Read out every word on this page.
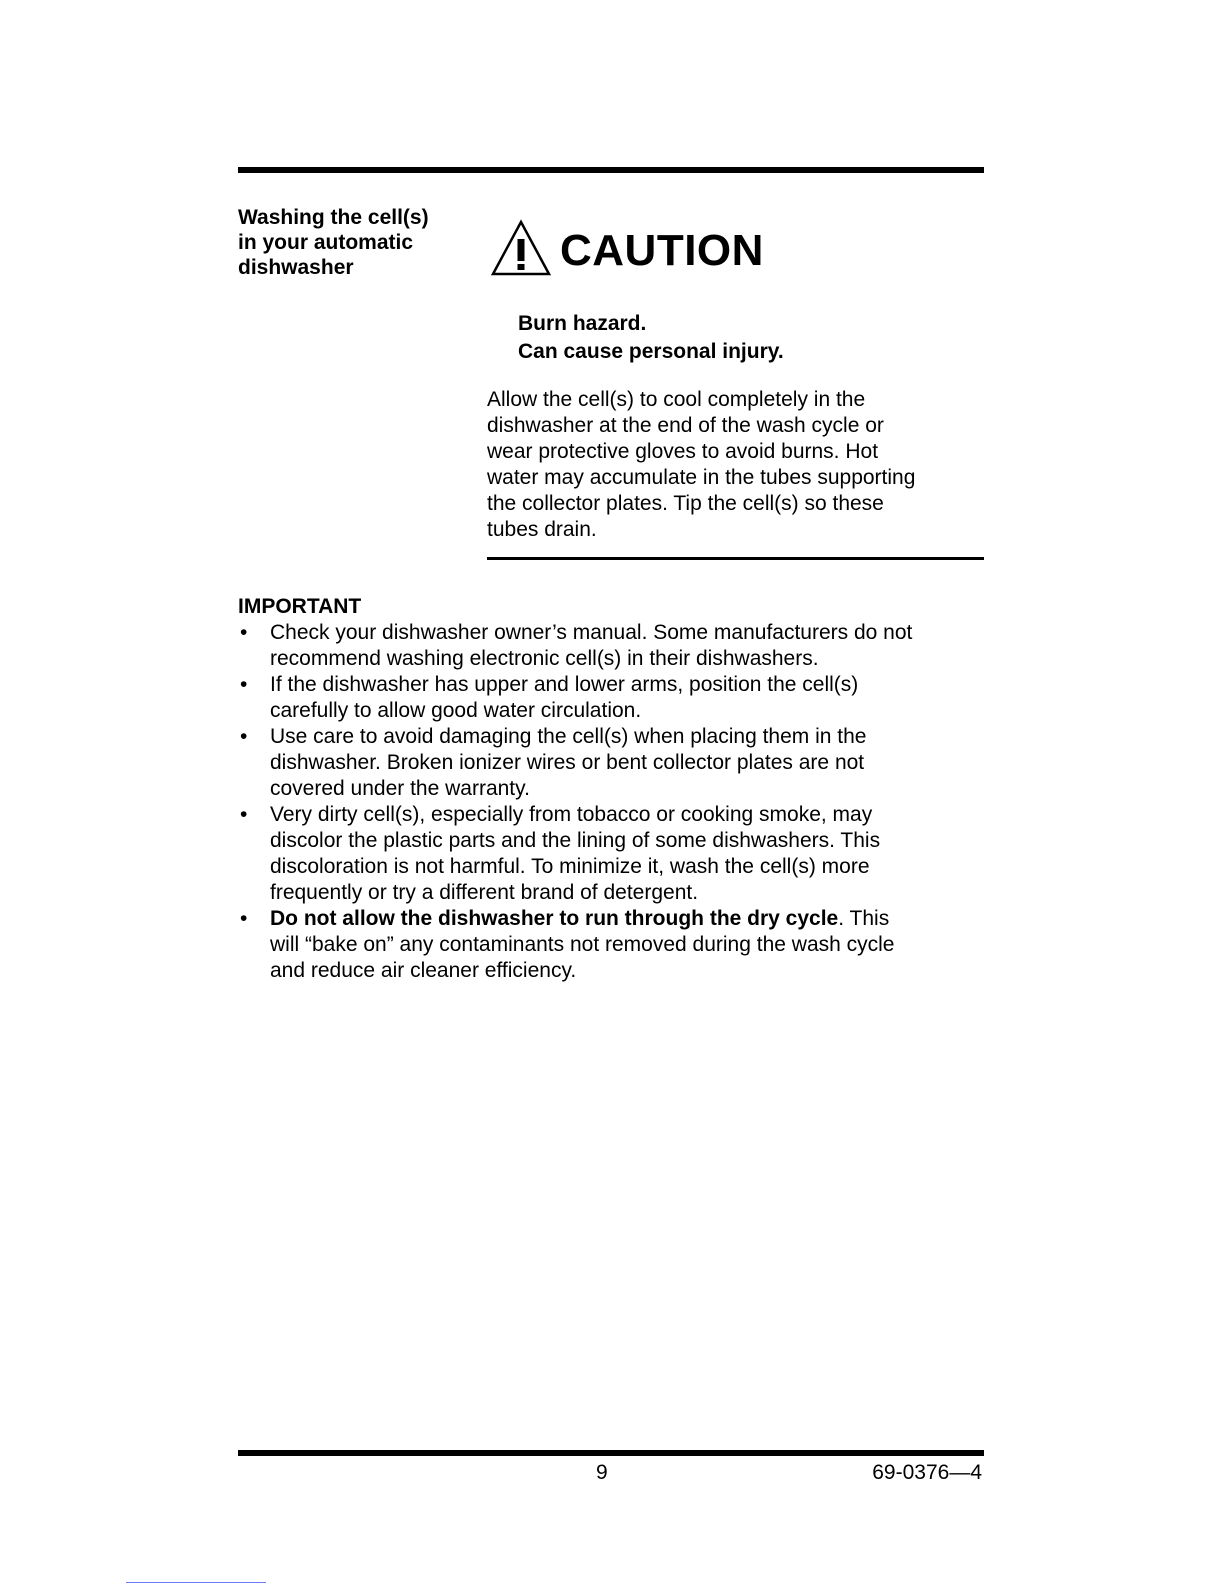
Washing the cell(s)
in your automatic
dishwasher	CAUTION
Burn hazard.
Can cause personal injury.
Allow the cell(s) to cool completely in the
dishwasher at the end of the wash cycle or
wear protective gloves to avoid burns. Hot
water may accumulate in the tubes supporting
the collector plates. Tip the cell(s) so these
tubes drain.
IMPORTANT
• Check your dishwasher owner’s manual. Some manufacturers do not
recommend washing electronic cell(s) in their dishwashers.
• If the dishwasher has upper and lower arms, position the cell(s)
carefully to allow good water circulation.
• Use care to avoid damaging the cell(s) when placing them in the
dishwasher. Broken ionizer wires or bent collector plates are not
covered under the warranty.
• Very dirty cell(s), especially from tobacco or cooking smoke, may
discolor the plastic parts and the lining of some dishwashers. This
discoloration is not harmful. To minimize it, wash the cell(s) more
frequently or try a different brand of detergent.
• Do not allow the dishwasher to run through the dry cycle. This
will “bake on” any contaminants not removed during the wash cycle
and reduce air cleaner efficiency.
9	69-0376—4
